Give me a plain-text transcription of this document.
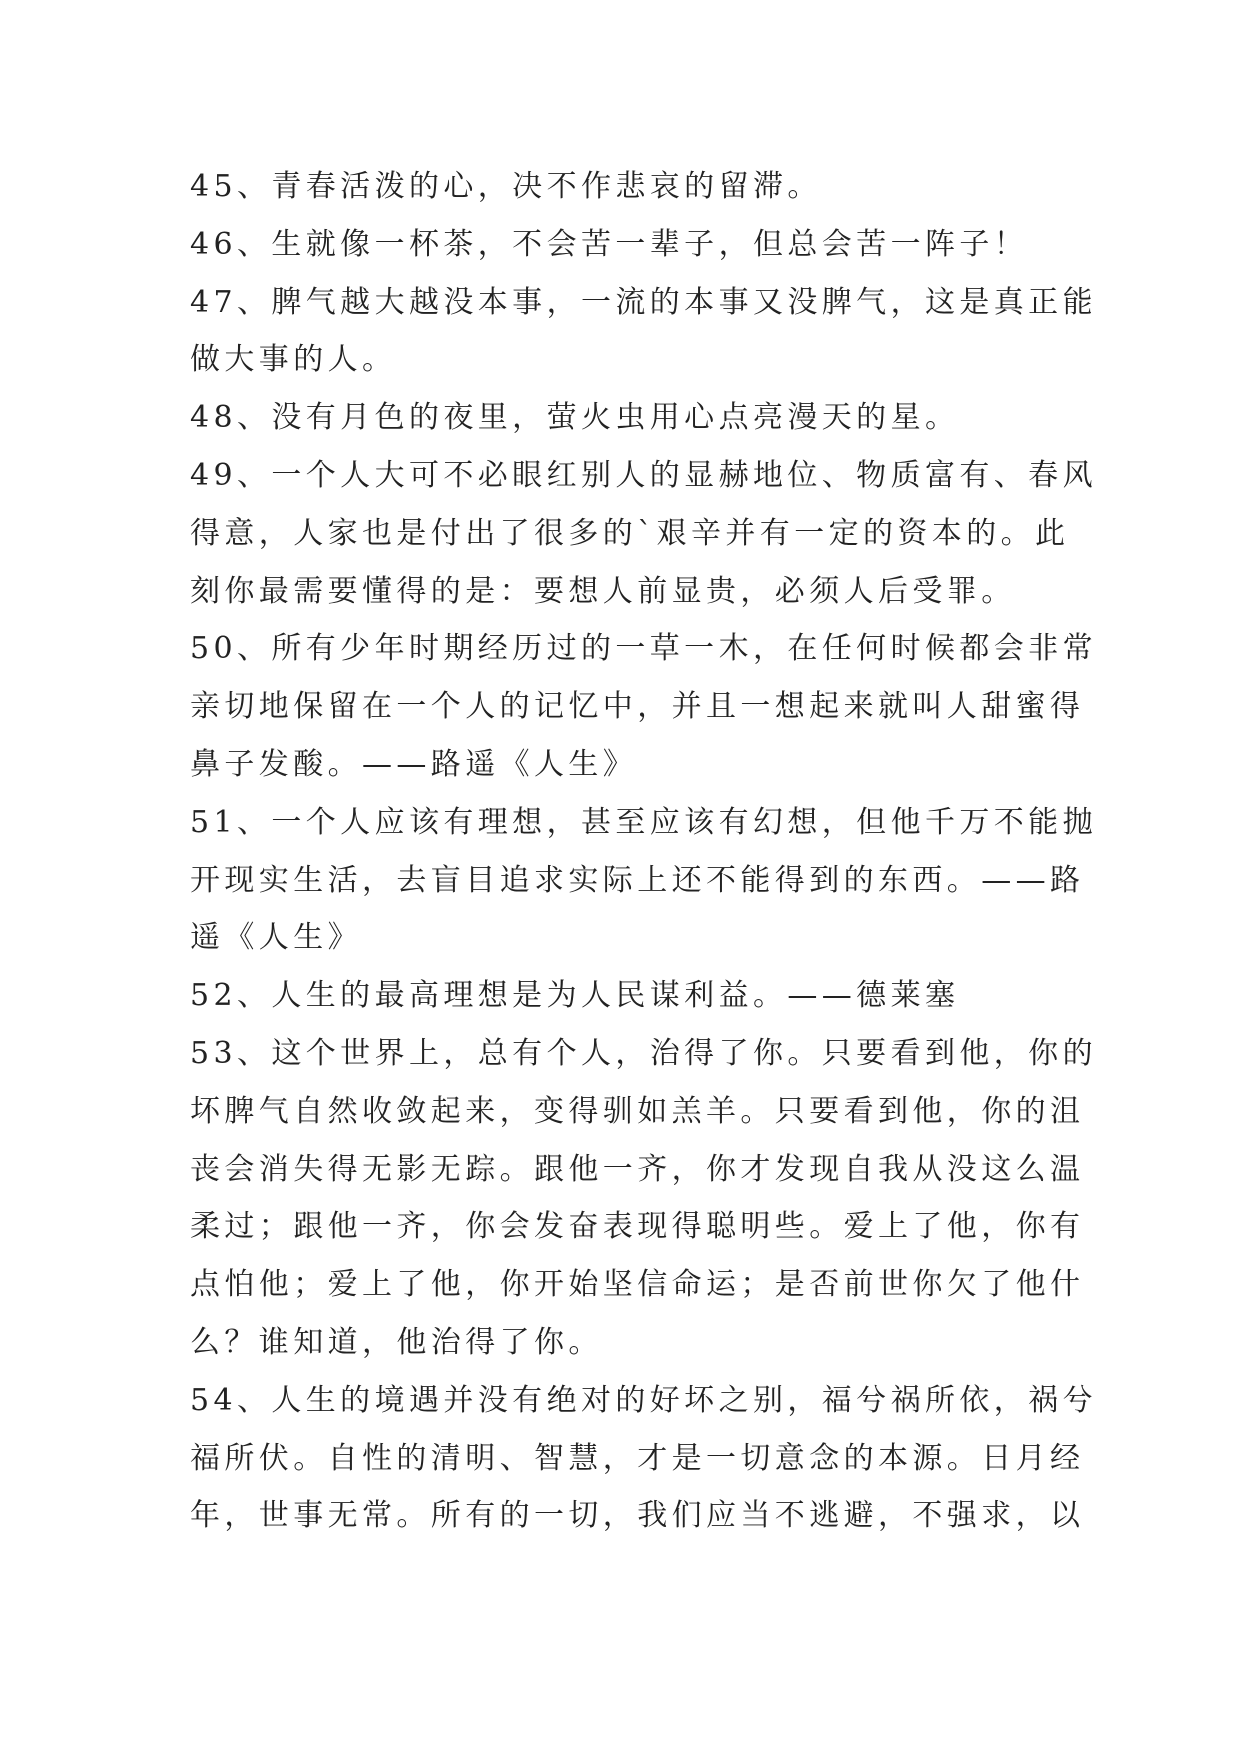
45、青春活泼的心，决不作悲哀的留滞。
46、生就像一杯茶，不会苦一辈子，但总会苦一阵子！
47、脾气越大越没本事，一流的本事又没脾气，这是真正能
做大事的人。
48、没有月色的夜里，萤火虫用心点亮漫天的星。
49、一个人大可不必眼红别人的显赫地位、物质富有、春风
得意，人家也是付出了很多的`艰辛并有一定的资本的。此
刻你最需要懂得的是：要想人前显贵，必须人后受罪。
50、所有少年时期经历过的一草一木，在任何时候都会非常
亲切地保留在一个人的记忆中，并且一想起来就叫人甜蜜得
鼻子发酸。——路遥《人生》
51、一个人应该有理想，甚至应该有幻想，但他千万不能抛
开现实生活，去盲目追求实际上还不能得到的东西。——路
遥《人生》
52、人生的最高理想是为人民谋利益。——德莱塞
53、这个世界上，总有个人，治得了你。只要看到他，你的
坏脾气自然收敛起来，变得驯如羔羊。只要看到他，你的沮
丧会消失得无影无踪。跟他一齐，你才发现自我从没这么温
柔过；跟他一齐，你会发奋表现得聪明些。爱上了他，你有
点怕他；爱上了他，你开始坚信命运；是否前世你欠了他什
么？谁知道，他治得了你。
54、人生的境遇并没有绝对的好坏之别，福兮祸所依，祸兮
福所伏。自性的清明、智慧，才是一切意念的本源。日月经
年，世事无常。所有的一切，我们应当不逃避，不强求，以
